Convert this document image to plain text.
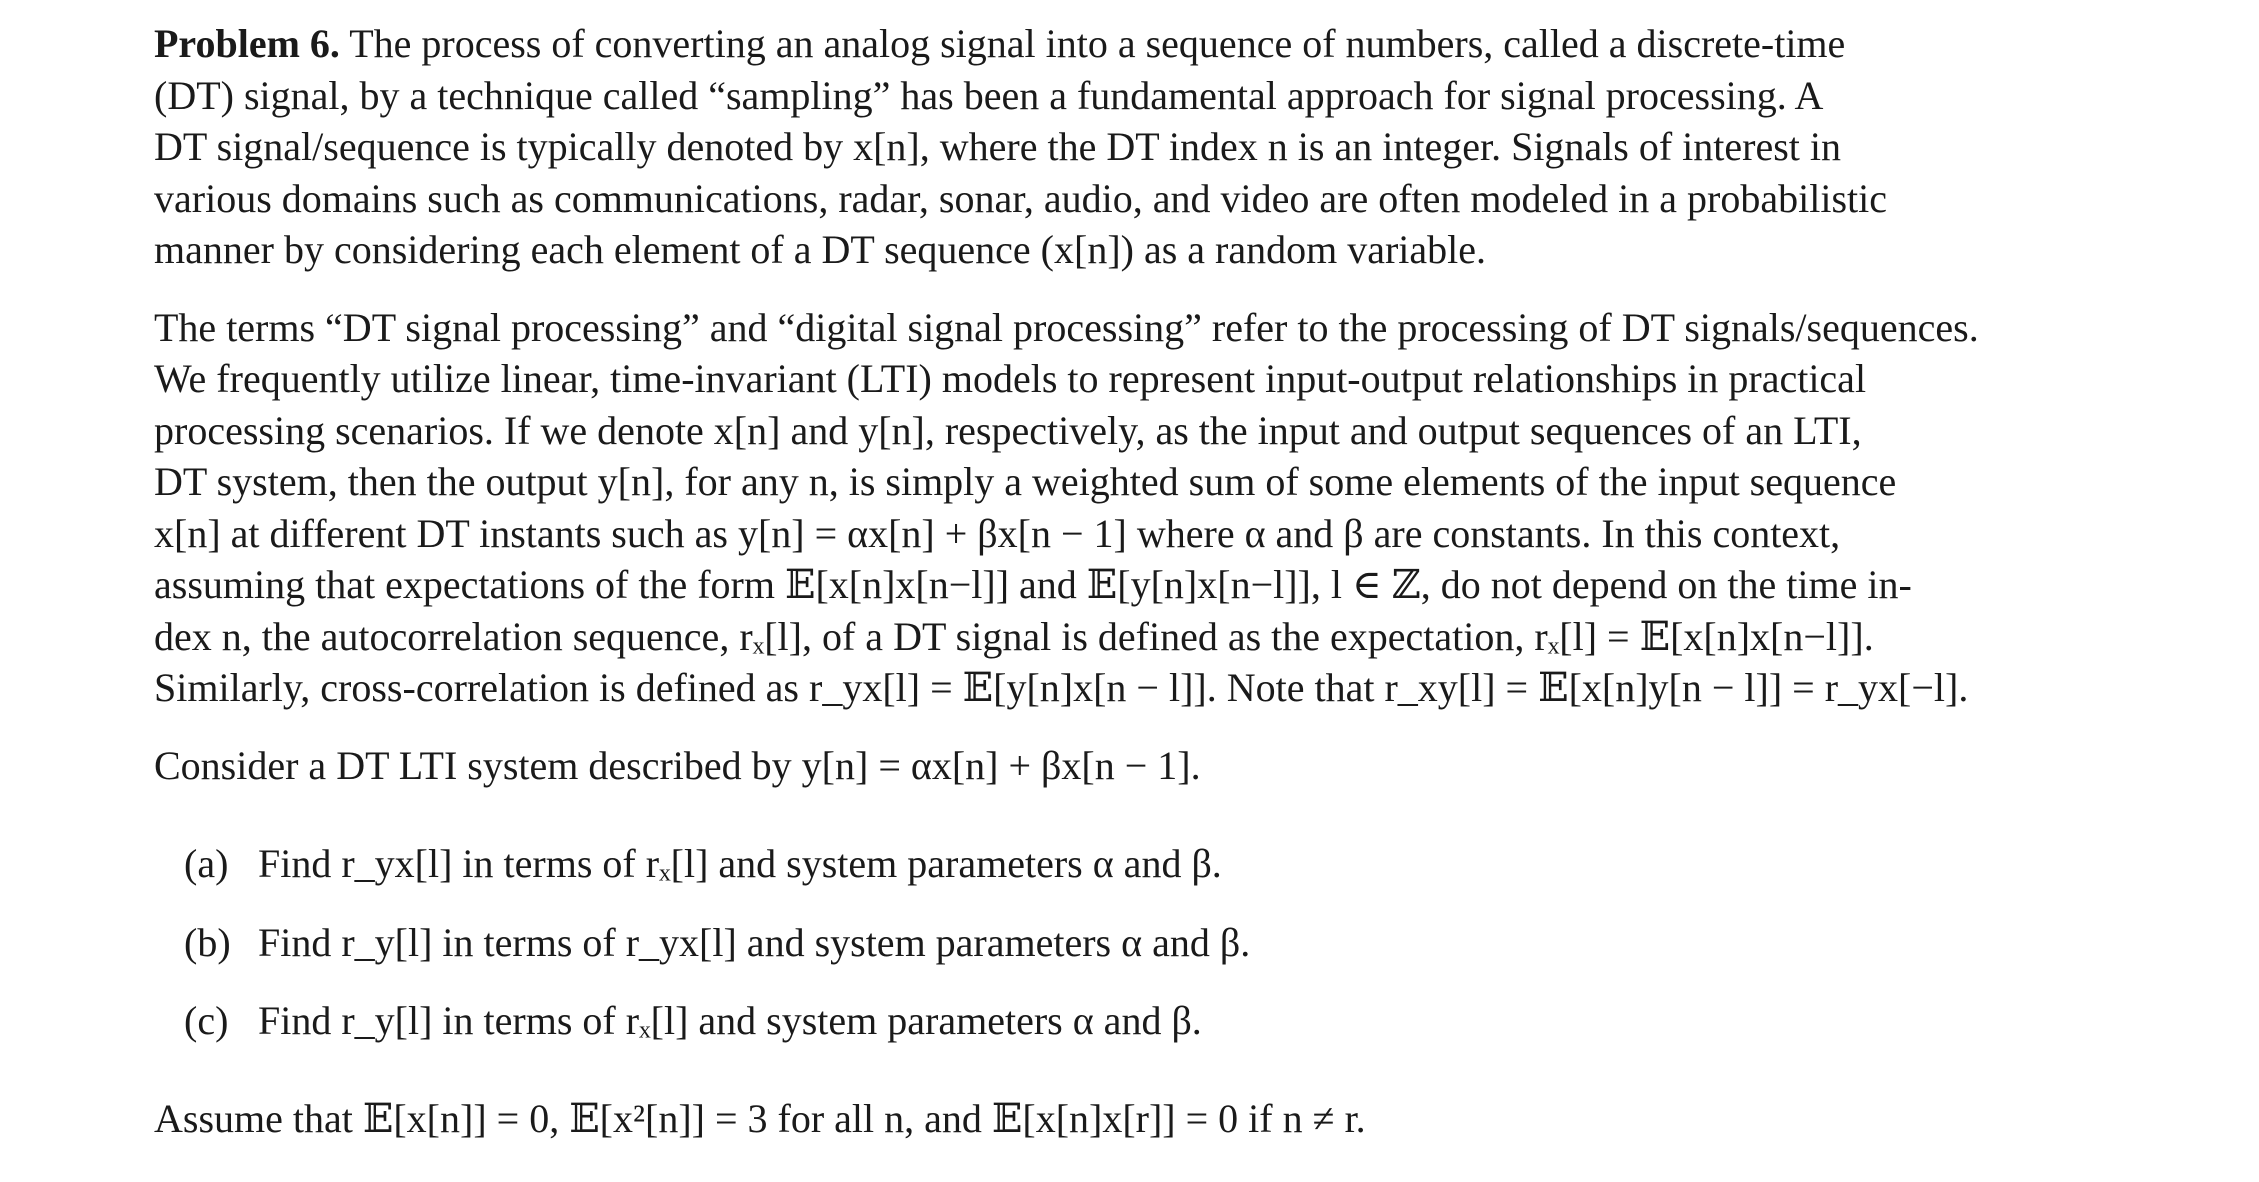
Problem 6. The process of converting an analog signal into a sequence of numbers, called a discrete-time
(DT) signal, by a technique called “sampling” has been a fundamental approach for signal processing. A
DT signal/sequence is typically denoted by x[n], where the DT index n is an integer. Signals of interest in
various domains such as communications, radar, sonar, audio, and video are often modeled in a probabilistic
manner by considering each element of a DT sequence (x[n]) as a random variable.

The terms “DT signal processing” and “digital signal processing” refer to the processing of DT signals/sequences.
We frequently utilize linear, time-invariant (LTI) models to represent input-output relationships in practical
processing scenarios. If we denote x[n] and y[n], respectively, as the input and output sequences of an LTI,
DT system, then the output y[n], for any n, is simply a weighted sum of some elements of the input sequence
x[n] at different DT instants such as y[n] = αx[n] + βx[n − 1] where α and β are constants. In this context,
assuming that expectations of the form 𝔼[x[n]x[n−l]] and 𝔼[y[n]x[n−l]], l ∈ ℤ, do not depend on the time in-
dex n, the autocorrelation sequence, rₓ[l], of a DT signal is defined as the expectation, rₓ[l] = 𝔼[x[n]x[n−l]].
Similarly, cross-correlation is defined as r_yx[l] = 𝔼[y[n]x[n − l]]. Note that r_xy[l] = 𝔼[x[n]y[n − l]] = r_yx[−l].

Consider a DT LTI system described by y[n] = αx[n] + βx[n − 1].

(a) Find r_yx[l] in terms of rₓ[l] and system parameters α and β.
(b) Find r_y[l] in terms of r_yx[l] and system parameters α and β.
(c) Find r_y[l] in terms of rₓ[l] and system parameters α and β.

Assume that 𝔼[x[n]] = 0, 𝔼[x²[n]] = 3 for all n, and 𝔼[x[n]x[r]] = 0 if n ≠ r.
